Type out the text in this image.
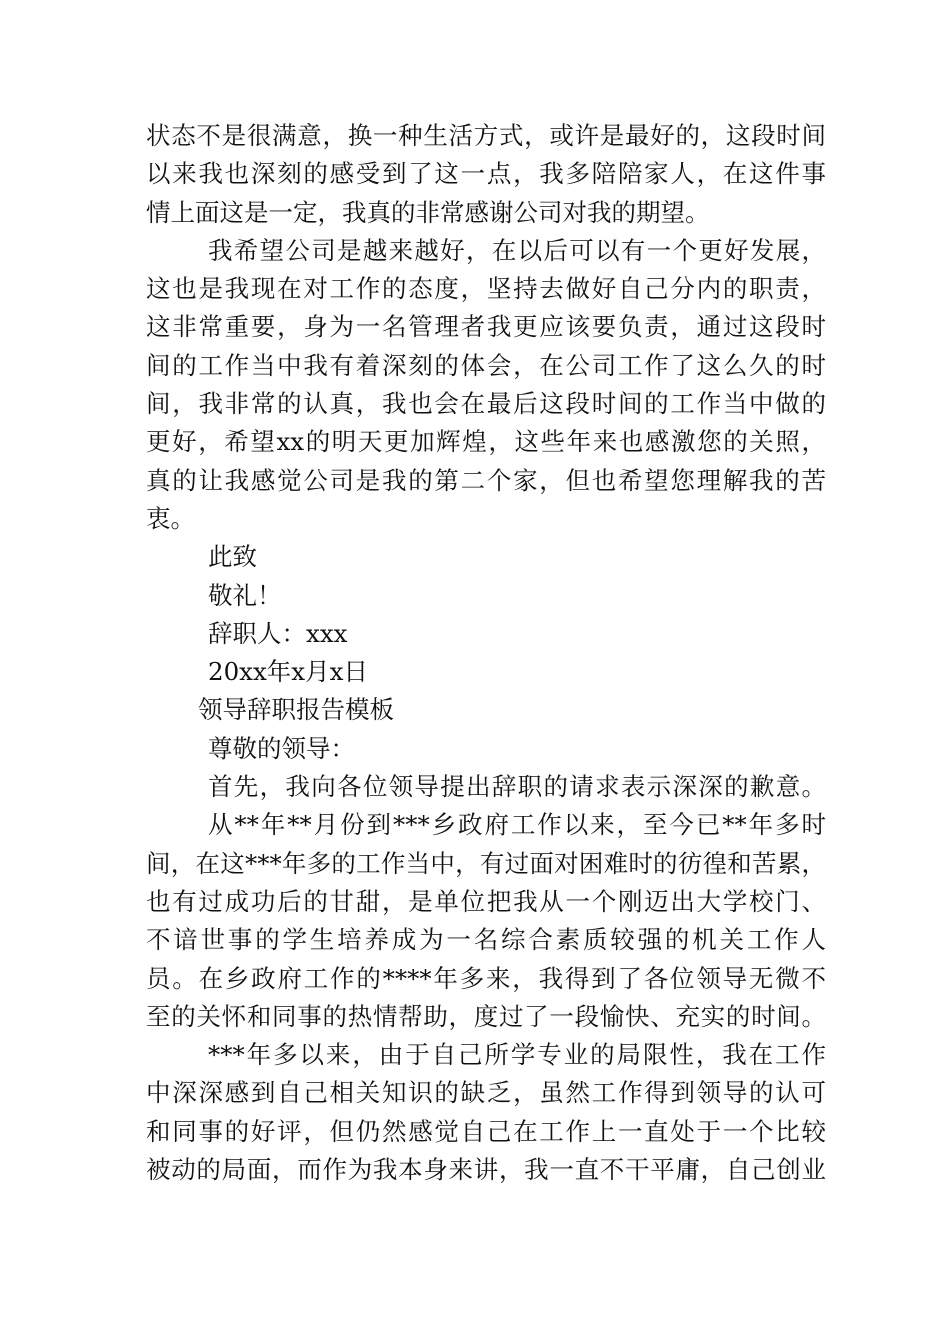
状态不是很满意，换一种生活方式，或许是最好的，这段时间
以来我也深刻的感受到了这一点，我多陪陪家人，在这件事
情上面这是一定，我真的非常感谢公司对我的期望。
我希望公司是越来越好，在以后可以有一个更好发展，
这也是我现在对工作的态度，坚持去做好自己分内的职责，
这非常重要，身为一名管理者我更应该要负责，通过这段时
间的工作当中我有着深刻的体会，在公司工作了这么久的时
间，我非常的认真，我也会在最后这段时间的工作当中做的
更好，希望xx的明天更加辉煌，这些年来也感激您的关照，
真的让我感觉公司是我的第二个家，但也希望您理解我的苦
衷。
此致
敬礼！
辞职人：xxx
20xx年x月x日
领导辞职报告模板
尊敬的领导：
首先，我向各位领导提出辞职的请求表示深深的歉意。
从**年**月份到***乡政府工作以来，至今已**年多时
间，在这***年多的工作当中，有过面对困难时的彷徨和苦累，
也有过成功后的甘甜，是单位把我从一个刚迈出大学校门、
不谙世事的学生培养成为一名综合素质较强的机关工作人
员。在乡政府工作的****年多来，我得到了各位领导无微不
至的关怀和同事的热情帮助，度过了一段愉快、充实的时间。
***年多以来，由于自己所学专业的局限性，我在工作
中深深感到自己相关知识的缺乏，虽然工作得到领导的认可
和同事的好评，但仍然感觉自己在工作上一直处于一个比较
被动的局面，而作为我本身来讲，我一直不干平庸，自己创业
